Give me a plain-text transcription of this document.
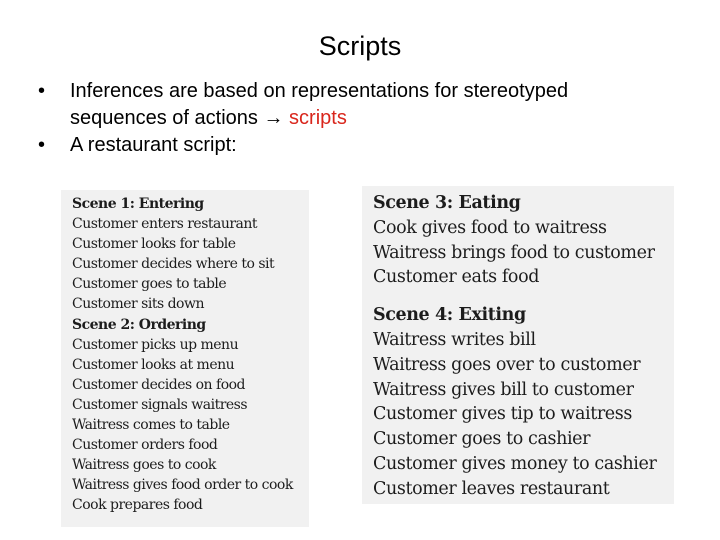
Scripts
• Inferences are based on representations for stereotyped
sequences of actions → scripts
• A restaurant script:
Scene 1: Entering
Customer enters restaurant
Customer looks for table
Customer decides where to sit
Customer goes to table
Customer sits down
Scene 2: Ordering
Customer picks up menu
Customer looks at menu
Customer decides on food
Customer signals waitress
Waitress comes to table
Customer orders food
Waitress goes to cook
Waitress gives food order to cook
Cook prepares food
Scene 3: Eating
Cook gives food to waitress
Waitress brings food to customer
Customer eats food
Scene 4: Exiting
Waitress writes bill
Waitress goes over to customer
Waitress gives bill to customer
Customer gives tip to waitress
Customer goes to cashier
Customer gives money to cashier
Customer leaves restaurant
